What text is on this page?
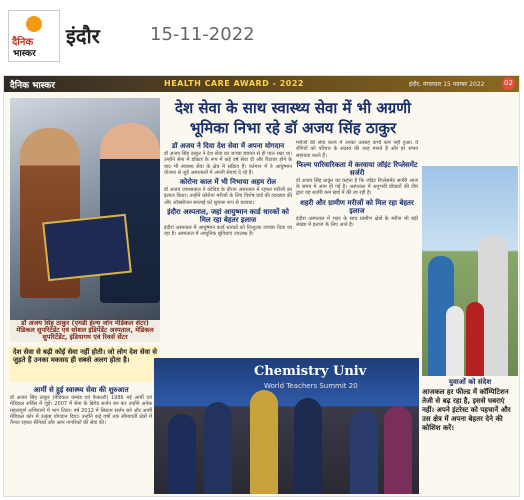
दैनिक
भास्कर
इंदौर	15-11-2022
दैनिक भास्कर	HEALTH CARE AWARD - 2022	इंदौर, मंगलवार 15 नवम्बर 2022	02
डॉ अजय सिंह ठाकुर (एमडी हेल्थ जोन मेडिकल सेंटर)
मेडिकल सुपरिटेंडेंट एवं सोशल इंडिपेंडेंट अस्पताल, मेडिकल सुपरिटेंडेंट, इंडियागम एवं रिवर्स सेंटर
देश सेवा के साथ स्वास्थ्य सेवा में भी अग्रणी भूमिका निभा रहे डॉ अजय सिंह ठाकुर
देश सेवा से बढ़ी कोई सेवा नहीं होती। जो लोग देश सेवा से जुड़ते हैं उनका मकसद ही सबसे अलग होता है।
आर्मी से हुई स्वास्थ्य सेवा की शुरुआत
डॉ अजय सिंह ठाकुर (मेडिकल कमांड एवं फैकल्टी) 1986 मई आर्मी एवं मेडिकल सर्विस में जुड़ें। 2007 में सेना के ब्रिगेड सर्जन बन कर उन्होंने अनेक महत्वपूर्ण अभियानों में भाग लिया। वर्ष 2012 में सिस्टम सर्जन बने और आर्मी मेडिकल कोर में उत्कृष्ट योगदान दिया। उन्होंने कई वर्षों तक सीमावर्ती क्षेत्रों में तैनात रहकर सैनिकों और आम नागरिकों की सेवा की।
डॉ अजय ने दिया देश सेवा में अपना योगदान
डॉ अजय सिंह ठाकुर ने देश सेवा का जज्बा बचपन से ही पाल रखा था। उन्होंने सेना में डॉक्टर के रूप में कई वर्ष सेवा दी और रिटायर होने के बाद भी स्वास्थ्य सेवा के क्षेत्र में सक्रिय हैं। वर्तमान में वे आयुष्मान योजना से जुड़े अस्पतालों में अपनी सेवाएं दे रहे हैं।
कोरोना काल में भी निभाया अहम रोल
डॉ अजय जायसवाल ने कोविड के दौरान अस्पताल में रहकर मरीजों का इलाज किया। उन्होंने कोरोना मरीजों के लिए विशेष वार्ड की व्यवस्था की और ऑक्सीजन सप्लाई को सुचारू रूप से चलाया।
इंदौरा अस्पताल, जहां आयुष्मान कार्ड धारकों को मिल रहा बेहतर इलाज
इंदौरा अस्पताल में आयुष्मान कार्ड धारकों को निःशुल्क उपचार दिया जा रहा है। अस्पताल में आधुनिक सुविधाएं उपलब्ध हैं।
मरीजों की सेवा करने में उनका उत्साह कभी कम नहीं हुआ। वे रोगियों को परिवार के सदस्य की तरह मानते हैं और हर संभव सहायता करते हैं।
फिल्म पारिवारिकता में करवाया जॉइंट रिप्लेसमेंट सर्जरी
डॉ अजय सिंह ठाकुर का कहना है कि जॉइंट रिप्लेसमेंट सर्जरी आज के समय में आम हो गई है। अस्पताल में अनुभवी डॉक्टरों की टीम द्वारा यह सर्जरी कम खर्च में की जा रही है।
शहरी और ग्रामीण मरीजों को मिल रहा बेहतर इलाज
इंदौरा अस्पताल में शहर के साथ ग्रामीण क्षेत्रों के मरीज भी बड़ी संख्या में इलाज के लिए आते हैं।
Chemistry Univ
World Teachers Summit 20	युवाओं को संदेश
आजकल हर फील्ड में कॉम्पिटिशन तेजी से बढ़ रहा है, इससे घबराएं नहीं। अपने इंटरेस्ट को पहचानें और उस क्षेत्र में अपना बेहतर देने की कोशिश करें।
